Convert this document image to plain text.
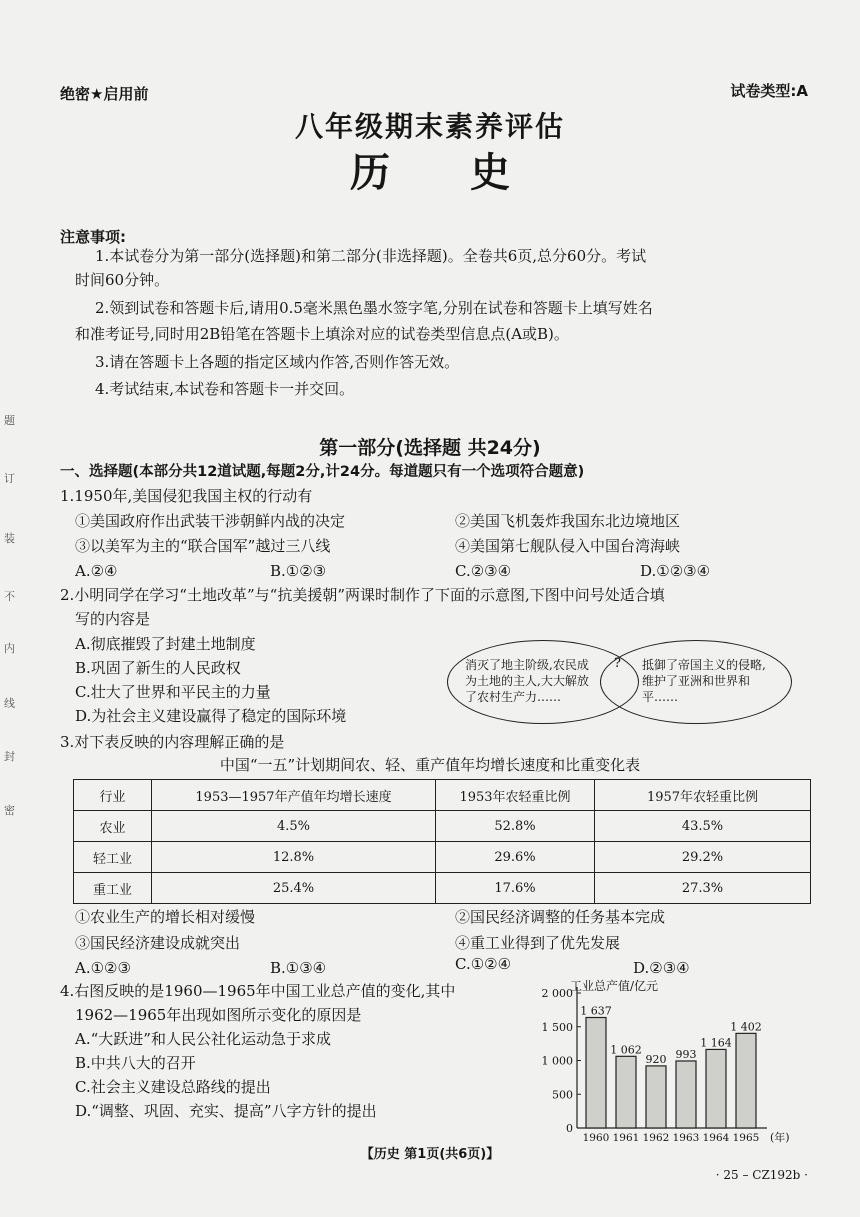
题
订
装
不
内
线
封
密
绝密★启用前	试卷类型:A
八年级期末素养评估
历史
注意事项:
1.本试卷分为第一部分(选择题)和第二部分(非选择题)。全卷共6页,总分60分。考试
时间60分钟。
2.领到试卷和答题卡后,请用0.5毫米黑色墨水签字笔,分别在试卷和答题卡上填写姓名
和准考证号,同时用2B铅笔在答题卡上填涂对应的试卷类型信息点(A或B)。
3.请在答题卡上各题的指定区域内作答,否则作答无效。
4.考试结束,本试卷和答题卡一并交回。
第一部分(选择题 共24分)
一、选择题(本部分共12道试题,每题2分,计24分。每道题只有一个选项符合题意)
1.1950年,美国侵犯我国主权的行动有
①美国政府作出武装干涉朝鲜内战的决定	②美国飞机轰炸我国东北边境地区
③以美军为主的“联合国军”越过三八线	④美国第七舰队侵入中国台湾海峡
A.②④	B.①②③	C.②③④	D.①②③④
2.小明同学在学习“土地改革”与“抗美援朝”两课时制作了下面的示意图,下图中问号处适合填
写的内容是
A.彻底摧毁了封建土地制度
B.巩固了新生的人民政权
C.壮大了世界和平民主的力量
D.为社会主义建设赢得了稳定的国际环境
消灭了地主阶级,农民成为土地的主人,大大解放了农村生产力……
?	抵御了帝国主义的侵略,维护了亚洲和世界和平……
3.对下表反映的内容理解正确的是
中国“一五”计划期间农、轻、重产值年均增长速度和比重变化表
行业	1953—1957年产值年均增长速度	1953年农轻重比例	1957年农轻重比例
农业	4.5%	52.8%	43.5%
轻工业	12.8%	29.6%	29.2%
重工业	25.4%	17.6%	27.3%
①农业生产的增长相对缓慢	②国民经济调整的任务基本完成
③国民经济建设成就突出	④重工业得到了优先发展
A.①②③	B.①③④	C.①②④	D.②③④
4.右图反映的是1960—1965年中国工业总产值的变化,其中
1962—1965年出现如图所示变化的原因是
A.“大跃进”和人民公社化运动急于求成
B.中共八大的召开
C.社会主义建设总路线的提出
D.“调整、巩固、充实、提高”八字方针的提出
工业总产值/亿元
0
500
1 000
1 500
2 000
1 637
1960
1 062
1961
920
1962
993
1963
1 164
1964
1 402
1965 (年)
【历史 第1页(共6页)】
· 25 – CZ192b ·
